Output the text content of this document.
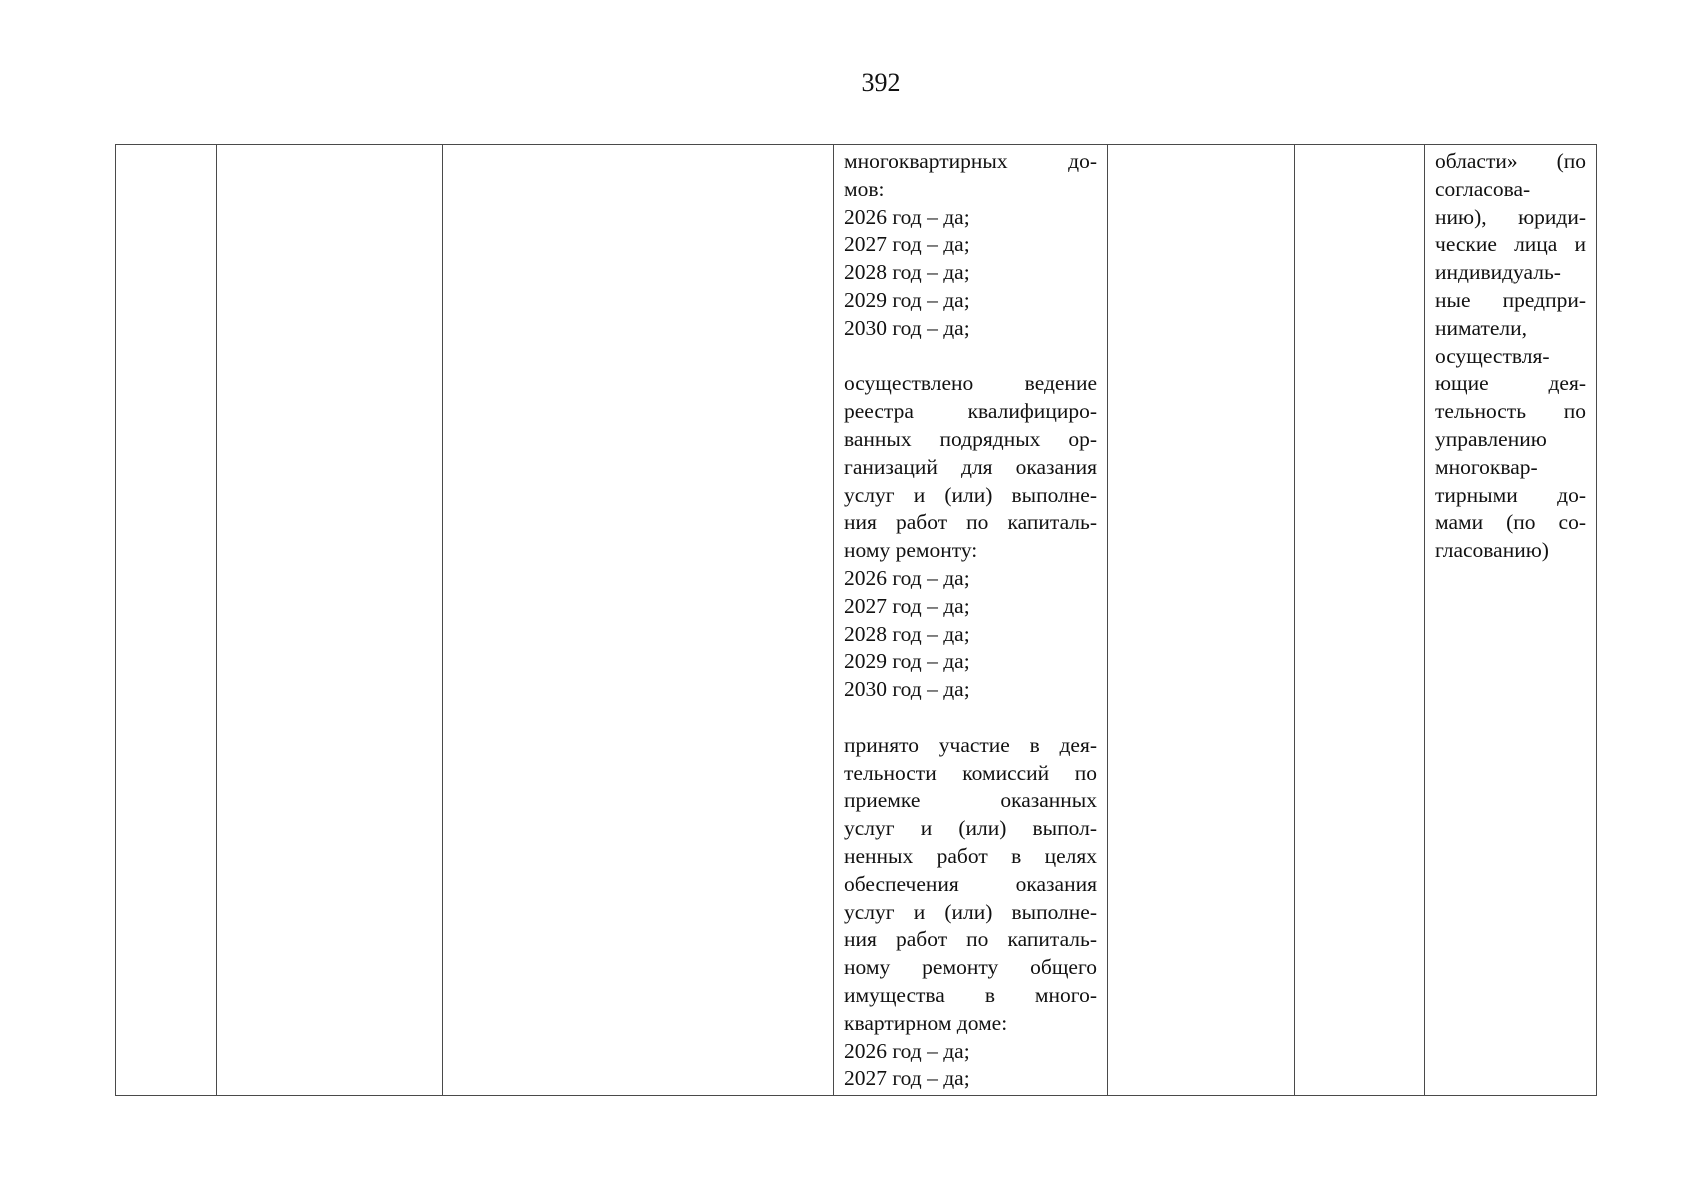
392

многоквартирных до-
мов:
2026 год – да;
2027 год – да;
2028 год – да;
2029 год – да;
2030 год – да;
осуществлено ведение
реестра квалифициро-
ванных подрядных ор-
ганизаций для оказания
услуг и (или) выполне-
ния работ по капиталь-
ному ремонту:
2026 год – да;
2027 год – да;
2028 год – да;
2029 год – да;
2030 год – да;
принято участие в дея-
тельности комиссий по
приемке оказанных
услуг и (или) выпол-
ненных работ в целях
обеспечения оказания
услуг и (или) выполне-
ния работ по капиталь-
ному ремонту общего
имущества в много-
квартирном доме:
2026 год – да;
2027 год – да;

области» (по
согласова-
нию), юриди-
ческие лица и
индивидуаль-
ные предпри-
ниматели,
осуществля-
ющие дея-
тельность по
управлению
многоквар-
тирными до-
мами (по со-
гласованию)
